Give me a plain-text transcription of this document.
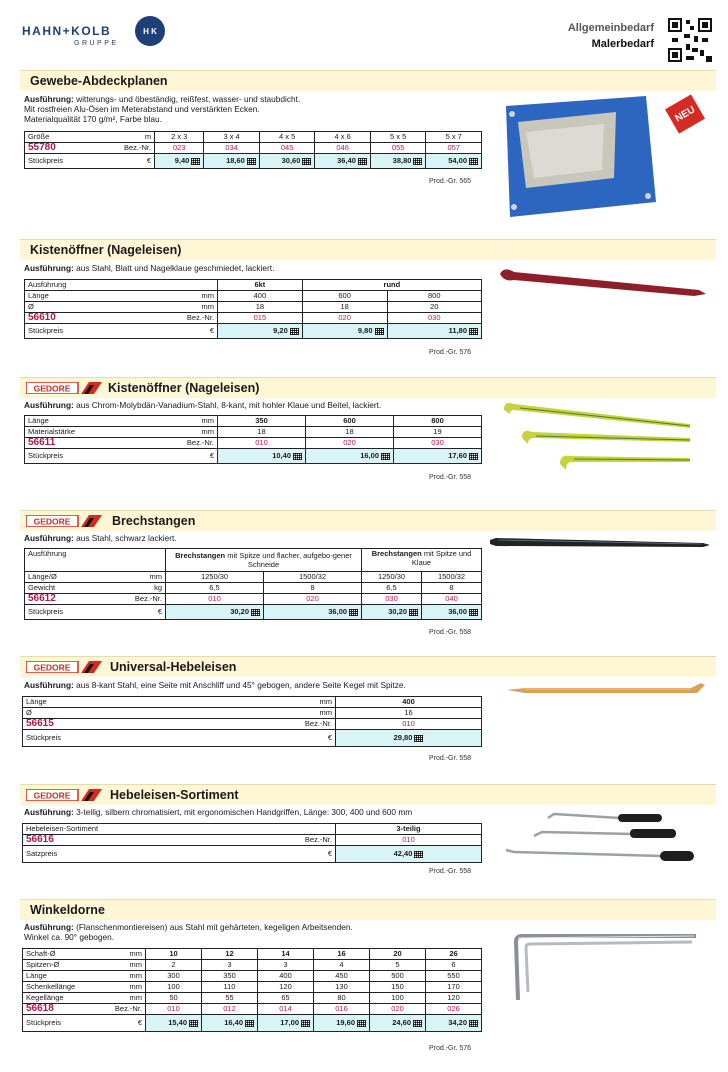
HAHN+KOLB
GRUPPE
H K	Allgemeinbedarf
Malerbedarf
Gewebe-Abdeckplanen
Ausführung: witterungs- und öbeständig, reißfest, wasser- und staubdicht.
Mit rostfreien Alu-Ösen im Meterabstand und verstärkten Ecken.
Materialqualität 170 g/m², Farbe blau.
Größe	m	2 x 3	3 x 4	4 x 5	4 x 6	5 x 5	5 x 7
55780	Bez.-Nr.	023	034	045	046	055	057
Stückpreis	€	9,40	18,60	30,60	36,40	38,80	54,00
Prod.-Gr. 565
NEU
Kistenöffner (Nageleisen)
Ausführung: aus Stahl, Blatt und Nagelklaue geschmiedet, lackiert.
Ausführung		6kt	rund	
Länge	mm	400	600	800
Ø	mm	18	18	20
56610	Bez.-Nr.	015	020	030
Stückpreis	€	9,20	9,80	11,80
Prod.-Gr. 576
GEDORE	Kistenöffner (Nageleisen)
Ausführung: aus Chrom-Molybdän-Vanadium-Stahl, 8-kant, mit hohler Klaue und Beitel, lackiert.
Länge	mm	350	600	800
Materialstärke	mm	18	18	19
56611	Bez.-Nr.	010	020	030
Stückpreis	€	10,40	16,00	17,60
Prod.-Gr. 558
GEDORE	Brechstangen
Ausführung: aus Stahl, schwarz lackiert.
Ausführung		Brechstangen mit Spitze und flacher, aufgebo-gener Schneide		Brechstangen mit Spitze und Klaue	
Länge/Ø	mm	1250/30	1500/32	1250/30	1500/32
Gewicht	kg	6,5	8	6,5	8
56612	Bez.-Nr.	010	020	030	040
Stückpreis	€	30,20	36,00	30,20	36,00
Prod.-Gr. 558
GEDORE	Universal-Hebeleisen
Ausführung: aus 8-kant Stahl, eine Seite mit Anschliff und 45° gebogen, andere Seite Kegel mit Spitze.
Länge	mm	400
Ø	mm	16
56615	Bez.-Nr.	010
Stückpreis	€	29,80
Prod.-Gr. 558
GEDORE	Hebeleisen-Sortiment
Ausführung: 3-teilig, silbern chromatisiert, mit ergonomischen Handgriffen, Länge: 300, 400 und 600 mm
Hebeleisen-Sortiment		3-teilig
56616	Bez.-Nr.	010
Satzpreis	€	42,40
Prod.-Gr. 558
Winkeldorne
Ausführung: (Flanschenmontiereisen) aus Stahl mit gehärteten, kegeligen Arbeitsenden.
Winkel ca. 90° gebogen.
Schaft-Ø	mm	10	12	14	16	20	26
Spitzen-Ø	mm	2	3	3	4	5	6
Länge	mm	300	350	400	450	500	550
Schenkellänge	mm	100	110	120	130	150	170
Kegellänge	mm	50	55	65	80	100	120
56618	Bez.-Nr.	010	012	014	016	020	026
Stückpreis	€	15,40	16,40	17,00	19,60	24,60	34,20
Prod.-Gr. 576
